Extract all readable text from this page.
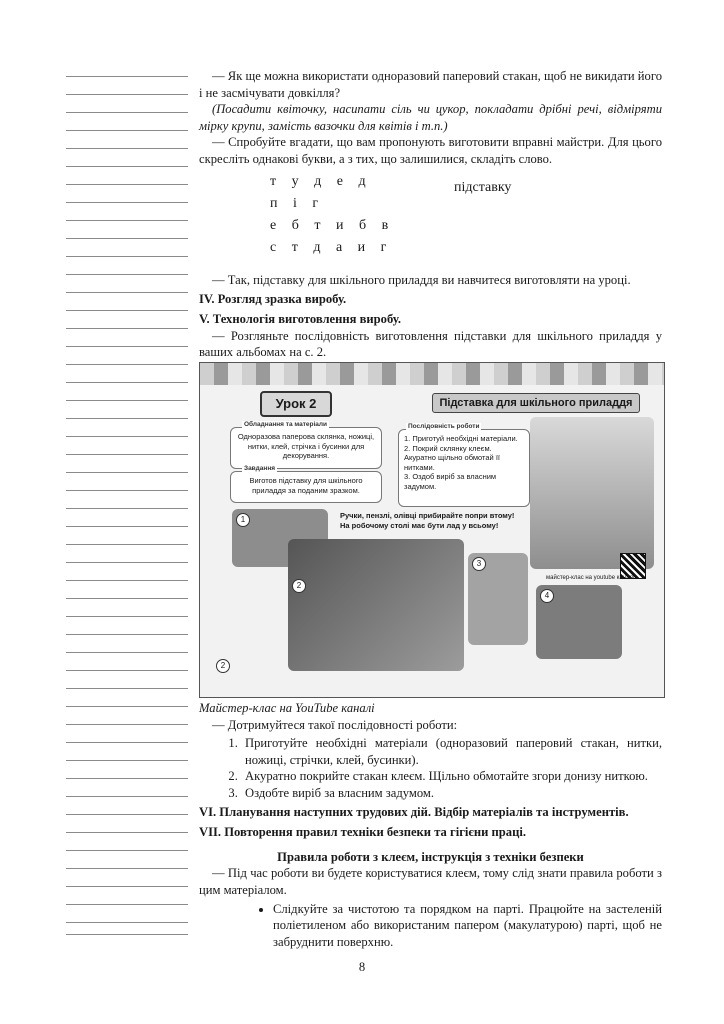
— Як ще можна використати одноразовий паперовий стакан, щоб не викидати його і не засмічувати довкілля?

(Посадити квіточку, насипати сіль чи цукор, покладати дрібні речі, відміряти мірку крупи, замість вазочки для квітів і т.п.)

— Спробуйте вгадати, що вам пропонують виготовити вправні майстри. Для цього скресліть однакові букви, а з тих, що залишилися, складіть слово.

т у д е д
п і г
е б т и б в
с т д а и г
підставку

— Так, підставку для шкільного приладдя ви навчитеся виготовляти на уроці.

IV. Розгляд зразка виробу.

V. Технологія виготовлення виробу.

— Розгляньте послідовність виготовлення підставки для шкільного приладдя у ваших альбомах на с. 2.

Урок 2	Підставка для шкільного приладдя
Одноразова паперова склянка, ножиці, нитки, клей, стрічка і бусинки для декорування.
Обладнання та матеріали
Виготов підставку для шкільного приладдя за поданим зразком.
Завдання
1. Приготуй необхідні матеріали.
2. Покрий склянку клеєм. Акуратно щільно обмотай її нитками.
3. Оздоб виріб за власним задумом.
Послідовність роботи
Ручки, пензлі, олівці прибирайте попри втому! На робочому столі має бути лад у всьому!
майстер-клас на youtube каналі
1
2
3
4
2

Майстер-клас на YouTube каналі

— Дотримуйтеся такої послідовності роботи:

1. Приготуйте необхідні матеріали (одноразовий паперовий стакан, нитки, ножиці, стрічки, клей, бусинки).
2. Акуратно покрийте стакан клеєм. Щільно обмотайте згори донизу ниткою.
3. Оздобте виріб за власним задумом.

VI. Планування наступних трудових дій. Відбір матеріалів та інструментів.

VII. Повторення правил техніки безпеки та гігієни праці.

Правила роботи з клеєм, інструкція з техніки безпеки

— Під час роботи ви будете користуватися клеєм, тому слід знати правила роботи з цим матеріалом.

• Слідкуйте за чистотою та порядком на парті. Працюйте на застеленій поліетиленом або використаним папером (макулатурою) парті, щоб не забруднити поверхню.
8
